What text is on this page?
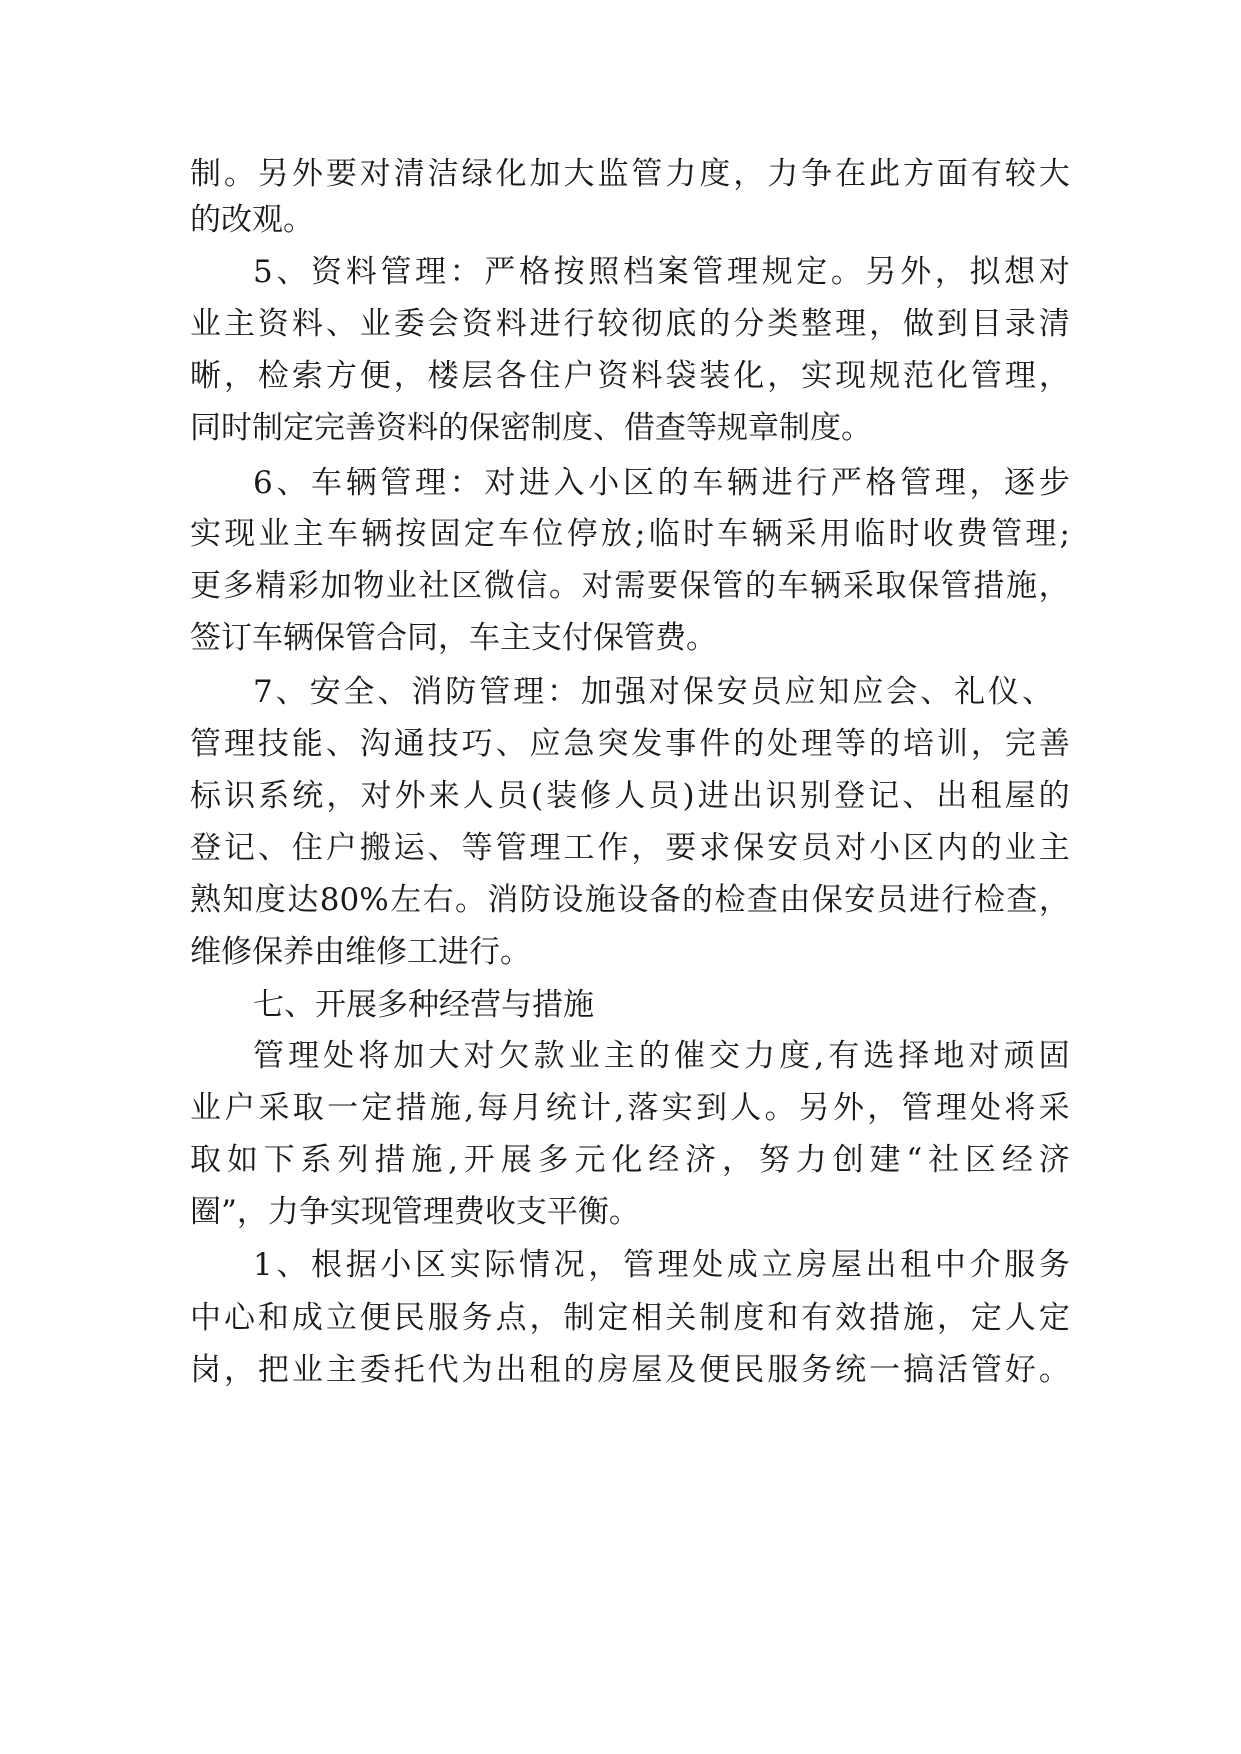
制 。 另 外 要 对 清 洁 绿 化 加 大 监 管 力 度 ， 力 争 在 此 方 面 有 较 大
的改观。
5 、 资 料 管 理 ： 严 格 按 照 档 案 管 理 规 定 。 另 外 ， 拟 想 对
业 主 资 料 、 业 委 会 资 料 进 行 较 彻 底 的 分 类 整 理 ， 做 到 目 录 清
晰 ， 检 索 方 便 ， 楼 层 各 住 户 资 料 袋 装 化 ， 实 现 规 范 化 管 理 ，
同时制定完善资料的保密制度、借查等规章制度。
6 、 车 辆 管 理 ： 对 进 入 小 区 的 车 辆 进 行 严 格 管 理 ， 逐 步
实 现 业 主 车 辆 按 固 定 车 位 停 放 ; 临 时 车 辆 采 用 临 时 收 费 管 理 ;
更 多 精 彩 加 物 业 社 区 微 信 。 对 需 要 保 管 的 车 辆 采 取 保 管 措 施 ，
签订车辆保管合同，车主支付保管费。
7 、 安 全 、 消 防 管 理 ： 加 强 对 保 安 员 应 知 应 会 、 礼 仪 、
管 理 技 能 、 沟 通 技 巧 、 应 急 突 发 事 件 的 处 理 等 的 培 训 ， 完 善
标 识 系 统 ， 对 外 来 人 员 ( 装 修 人 员 ) 进 出 识 别 登 记 、 出 租 屋 的
登 记 、 住 户 搬 运 、 等 管 理 工 作 ， 要 求 保 安 员 对 小 区 内 的 业 主
熟 知 度 达 80% 左 右 。 消 防 设 施 设 备 的 检 查 由 保 安 员 进 行 检 查 ，
维修保养由维修工进行。
七、开展多种经营与措施
管 理 处 将 加 大 对 欠 款 业 主 的 催 交 力 度 , 有 选 择 地 对 顽 固
业 户 采 取 一 定 措 施 , 每 月 统 计 , 落 实 到 人 。 另 外 ， 管 理 处 将 采
取 如 下 系 列 措 施 , 开 展 多 元 化 经 济 ， 努 力 创 建 “ 社 区 经 济
圈”，力争实现管理费收支平衡。
1 、 根 据 小 区 实 际 情 况 ， 管 理 处 成 立 房 屋 出 租 中 介 服 务
中 心 和 成 立 便 民 服 务 点 ， 制 定 相 关 制 度 和 有 效 措 施 ， 定 人 定
岗 ， 把 业 主 委 托 代 为 出 租 的 房 屋 及 便 民 服 务 统 一 搞 活 管 好 。
